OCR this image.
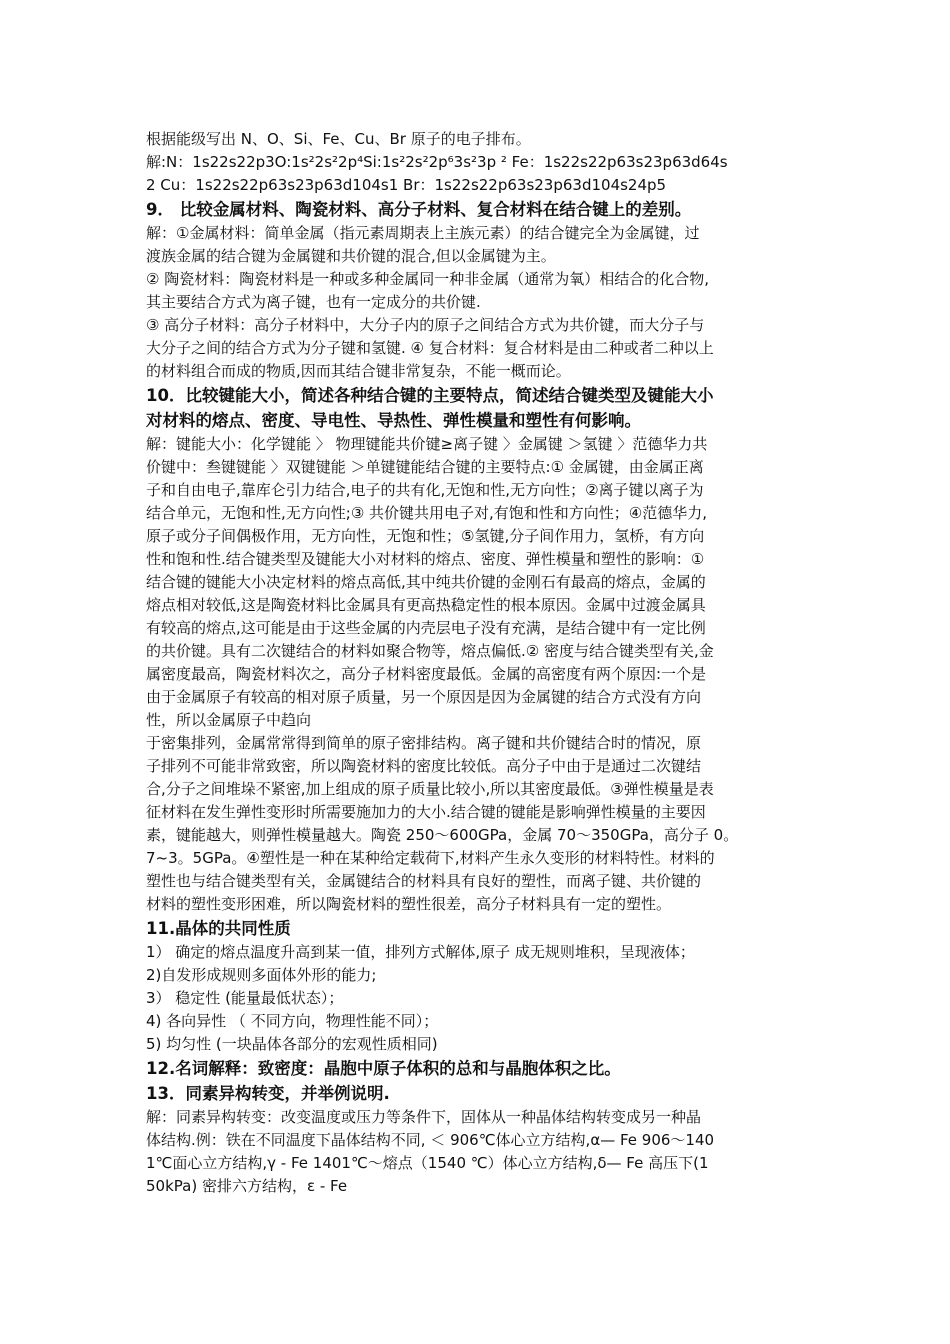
根据能级写出 N、O、Si、Fe、Cu、Br 原子的电子排布。
解:N：1s22s22p3O:1s²2s²2p⁴Si:1s²2s²2p⁶3s²3p ² Fe：1s22s22p63s23p63d64s
2 Cu：1s22s22p63s23p63d104s1 Br：1s22s22p63s23p63d104s24p5
9． 比较金属材料、陶瓷材料、高分子材料、复合材料在结合键上的差别。
解：①金属材料：简单金属（指元素周期表上主族元素）的结合键完全为金属键，过
渡族金属的结合键为金属键和共价键的混合,但以金属键为主。
② 陶瓷材料：陶瓷材料是一种或多种金属同一种非金属（通常为氧）相结合的化合物,
其主要结合方式为离子键，也有一定成分的共价键.
③ 高分子材料：高分子材料中，大分子内的原子之间结合方式为共价键，而大分子与
大分子之间的结合方式为分子键和氢键. ④ 复合材料：复合材料是由二种或者二种以上
的材料组合而成的物质,因而其结合键非常复杂，不能一概而论。
10．比较键能大小，简述各种结合键的主要特点，简述结合键类型及键能大小
对材料的熔点、密度、导电性、导热性、弹性模量和塑性有何影响。
解：键能大小：化学键能 〉 物理键能共价键≥离子键 〉金属键 ＞氢键 〉范德华力共
价键中：叁键键能 〉双键键能 ＞单键键能结合键的主要特点:① 金属键，由金属正离
子和自由电子,靠库仑引力结合,电子的共有化,无饱和性,无方向性；②离子键以离子为
结合单元，无饱和性,无方向性;③ 共价键共用电子对,有饱和性和方向性；④范德华力,
原子或分子间偶极作用，无方向性，无饱和性；⑤氢键,分子间作用力，氢桥，有方向
性和饱和性.结合键类型及键能大小对材料的熔点、密度、弹性模量和塑性的影响：①
结合键的键能大小决定材料的熔点高低,其中纯共价键的金刚石有最高的熔点，金属的
熔点相对较低,这是陶瓷材料比金属具有更高热稳定性的根本原因。金属中过渡金属具
有较高的熔点,这可能是由于这些金属的内壳层电子没有充满，是结合键中有一定比例
的共价键。具有二次键结合的材料如聚合物等，熔点偏低.② 密度与结合键类型有关,金
属密度最高，陶瓷材料次之，高分子材料密度最低。金属的高密度有两个原因:一个是
由于金属原子有较高的相对原子质量，另一个原因是因为金属键的结合方式没有方向
性，所以金属原子中趋向
于密集排列，金属常常得到简单的原子密排结构。离子键和共价键结合时的情况，原
子排列不可能非常致密，所以陶瓷材料的密度比较低。高分子中由于是通过二次键结
合,分子之间堆垛不紧密,加上组成的原子质量比较小,所以其密度最低。③弹性模量是表
征材料在发生弹性变形时所需要施加力的大小.结合键的键能是影响弹性模量的主要因
素，键能越大，则弹性模量越大。陶瓷 250～600GPa，金属 70～350GPa，高分子 0。
7~3。5GPa。④塑性是一种在某种给定载荷下,材料产生永久变形的材料特性。材料的
塑性也与结合键类型有关，金属键结合的材料具有良好的塑性，而离子键、共价键的
材料的塑性变形困难，所以陶瓷材料的塑性很差，高分子材料具有一定的塑性。
11.晶体的共同性质
1） 确定的熔点温度升高到某一值，排列方式解体,原子 成无规则堆积，呈现液体；
2)自发形成规则多面体外形的能力;
3） 稳定性 (能量最低状态）；
4) 各向异性 （ 不同方向，物理性能不同）；
5) 均匀性 (一块晶体各部分的宏观性质相同)
12.名词解释：致密度：晶胞中原子体积的总和与晶胞体积之比。
13．同素异构转变，并举例说明.
解：同素异构转变：改变温度或压力等条件下，固体从一种晶体结构转变成另一种晶
体结构.例：铁在不同温度下晶体结构不同, ＜ 906℃体心立方结构,α— Fe 906～140
1℃面心立方结构,γ - Fe 1401℃～熔点（1540 ℃）体心立方结构,δ— Fe 高压下(1
50kPa) 密排六方结构，ε - Fe
